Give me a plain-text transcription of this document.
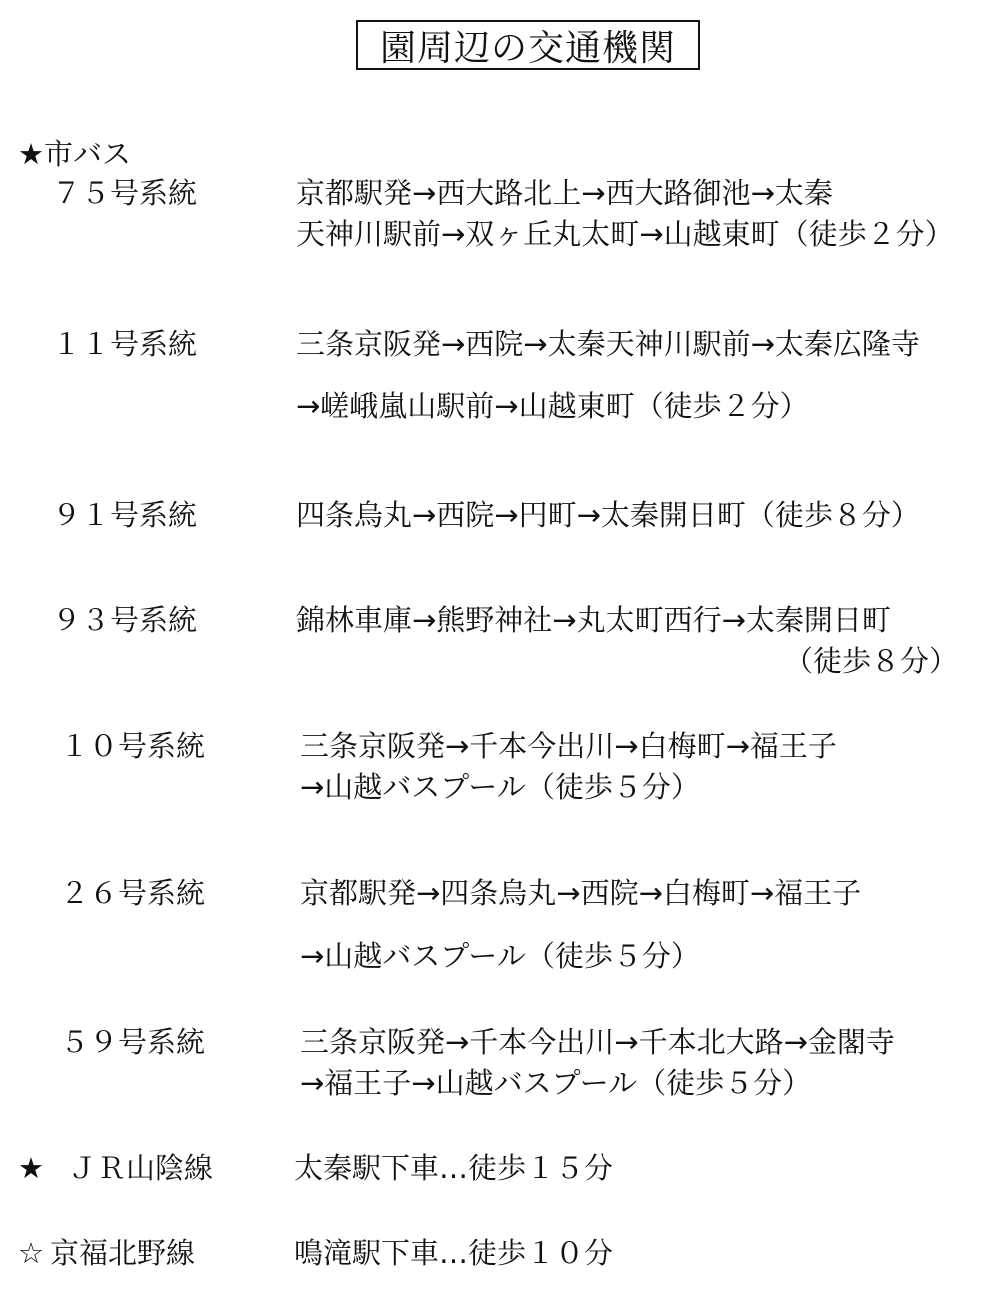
園周辺の交通機関
★市バス
７５号系統	京都駅発→西大路北上→西大路御池→太秦
天神川駅前→双ヶ丘丸太町→山越東町（徒歩２分）
１１号系統	三条京阪発→西院→太秦天神川駅前→太秦広隆寺
→嵯峨嵐山駅前→山越東町（徒歩２分）
９１号系統	四条烏丸→西院→円町→太秦開日町（徒歩８分）
９３号系統	錦林車庫→熊野神社→丸太町西行→太秦開日町
（徒歩８分）
１０号系統	三条京阪発→千本今出川→白梅町→福王子
→山越バスプール（徒歩５分）
２６号系統	京都駅発→四条烏丸→西院→白梅町→福王子
→山越バスプール（徒歩５分）
５９号系統	三条京阪発→千本今出川→千本北大路→金閣寺
→福王子→山越バスプール（徒歩５分）
★ ＪＲ山陰線	太秦駅下車…徒歩１５分
☆ 京福北野線	鳴滝駅下車…徒歩１０分
